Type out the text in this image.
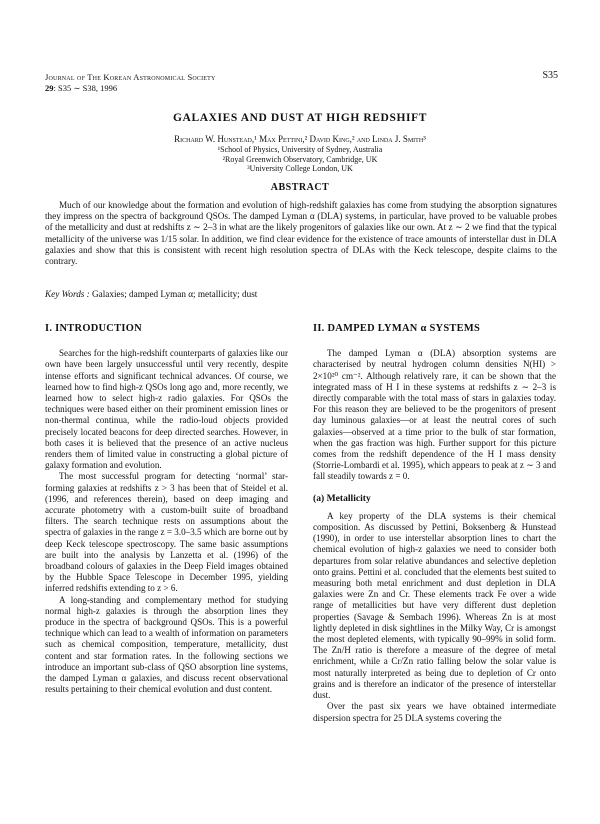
Journal of The Korean Astronomical Society
29: S35 ∼ S38, 1996
S35
GALAXIES AND DUST AT HIGH REDSHIFT
Richard W. Hunstead,¹ Max Pettini,² David King,² and Linda J. Smith³
¹School of Physics, University of Sydney, Australia
²Royal Greenwich Observatory, Cambridge, UK
³University College London, UK
ABSTRACT
Much of our knowledge about the formation and evolution of high-redshift galaxies has come from studying the absorption signatures they impress on the spectra of background QSOs. The damped Lyman α (DLA) systems, in particular, have proved to be valuable probes of the metallicity and dust at redshifts z ∼ 2–3 in what are the likely progenitors of galaxies like our own. At z ∼ 2 we find that the typical metallicity of the universe was 1/15 solar. In addition, we find clear evidence for the existence of trace amounts of interstellar dust in DLA galaxies and show that this is consistent with recent high resolution spectra of DLAs with the Keck telescope, despite claims to the contrary.
Key Words : Galaxies; damped Lyman α; metallicity; dust
I. INTRODUCTION

Searches for the high-redshift counterparts of galaxies like our own have been largely unsuccessful until very recently, despite intense efforts and significant technical advances. Of course, we learned how to find high-z QSOs long ago and, more recently, we learned how to select high-z radio galaxies. For QSOs the techniques were based either on their prominent emission lines or non-thermal continua, while the radio-loud objects provided precisely located beacons for deep directed searches. However, in both cases it is believed that the presence of an active nucleus renders them of limited value in constructing a global picture of galaxy formation and evolution.

The most successful program for detecting ‘normal’ star-forming galaxies at redshifts z > 3 has been that of Steidel et al. (1996, and references therein), based on deep imaging and accurate photometry with a custom-built suite of broadband filters. The search technique rests on assumptions about the spectra of galaxies in the range z = 3.0–3.5 which are borne out by deep Keck telescope spectroscopy. The same basic assumptions are built into the analysis by Lanzetta et al. (1996) of the broadband colours of galaxies in the Deep Field images obtained by the Hubble Space Telescope in December 1995, yielding inferred redshifts extending to z > 6.

A long-standing and complementary method for studying normal high-z galaxies is through the absorption lines they produce in the spectra of background QSOs. This is a powerful technique which can lead to a wealth of information on parameters such as chemical composition, temperature, metallicity, dust content and star formation rates. In the following sections we introduce an important sub-class of QSO absorption line systems, the damped Lyman α galaxies, and discuss recent observational results pertaining to their chemical evolution and dust content.

II. DAMPED LYMAN α SYSTEMS

The damped Lyman α (DLA) absorption systems are characterised by neutral hydrogen column densities N(HI) > 2×10²⁰ cm⁻². Although relatively rare, it can be shown that the integrated mass of H I in these systems at redshifts z ∼ 2–3 is directly comparable with the total mass of stars in galaxies today. For this reason they are believed to be the progenitors of present day luminous galaxies—or at least the neutral cores of such galaxies—observed at a time prior to the bulk of star formation, when the gas fraction was high. Further support for this picture comes from the redshift dependence of the H I mass density (Storrie-Lombardi et al. 1995), which appears to peak at z ∼ 3 and fall steadily towards z = 0.

(a) Metallicity

A key property of the DLA systems is their chemical composition. As discussed by Pettini, Boksenberg & Hunstead (1990), in order to use interstellar absorption lines to chart the chemical evolution of high-z galaxies we need to consider both departures from solar relative abundances and selective depletion onto grains. Pettini et al. concluded that the elements best suited to measuring both metal enrichment and dust depletion in DLA galaxies were Zn and Cr. These elements track Fe over a wide range of metallicities but have very different dust depletion properties (Savage & Sembach 1996). Whereas Zn is at most lightly depleted in disk sightlines in the Milky Way, Cr is amongst the most depleted elements, with typically 90–99% in solid form. The Zn/H ratio is therefore a measure of the degree of metal enrichment, while a Cr/Zn ratio falling below the solar value is most naturally interpreted as being due to depletion of Cr onto grains and is therefore an indicator of the presence of interstellar dust.

Over the past six years we have obtained intermediate dispersion spectra for 25 DLA systems covering the
